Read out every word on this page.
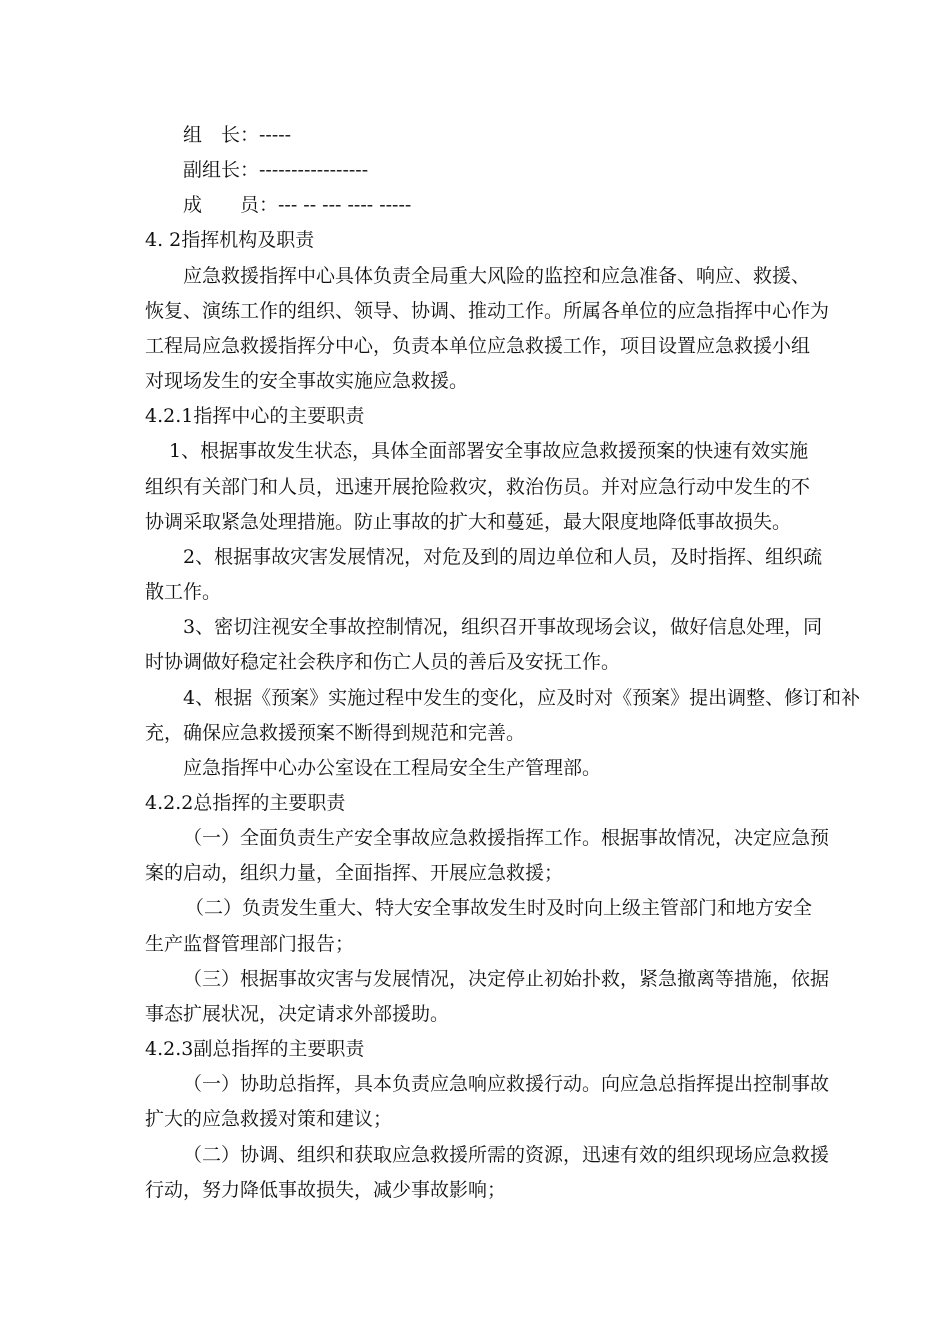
组　长：-----
副组长：-----------------
成　　员：--- -- --- ---- -----
4. 2指挥机构及职责
应急救援指挥中心具体负责全局重大风险的监控和应急准备、响应、救援、
恢复、演练工作的组织、领导、协调、推动工作。所属各单位的应急指挥中心作为
工程局应急救援指挥分中心，负责本单位应急救援工作，项目设置应急救援小组
对现场发生的安全事故实施应急救援。
4.2.1指挥中心的主要职责
1、根据事故发生状态，具体全面部署安全事故应急救援预案的快速有效实施
组织有关部门和人员，迅速开展抢险救灾，救治伤员。并对应急行动中发生的不
协调采取紧急处理措施。防止事故的扩大和蔓延，最大限度地降低事故损失。
2、根据事故灾害发展情况，对危及到的周边单位和人员，及时指挥、组织疏
散工作。
3、密切注视安全事故控制情况，组织召开事故现场会议，做好信息处理，同
时协调做好稳定社会秩序和伤亡人员的善后及安抚工作。
4、根据《预案》实施过程中发生的变化，应及时对《预案》提出调整、修订和补
充，确保应急救援预案不断得到规范和完善。
应急指挥中心办公室设在工程局安全生产管理部。
4.2.2总指挥的主要职责
（一）全面负责生产安全事故应急救援指挥工作。根据事故情况，决定应急预
案的启动，组织力量，全面指挥、开展应急救援；
（二）负责发生重大、特大安全事故发生时及时向上级主管部门和地方安全
生产监督管理部门报告；
（三）根据事故灾害与发展情况，决定停止初始扑救，紧急撤离等措施，依据
事态扩展状况，决定请求外部援助。
4.2.3副总指挥的主要职责
（一）协助总指挥，具本负责应急响应救援行动。向应急总指挥提出控制事故
扩大的应急救援对策和建议；
（二）协调、组织和获取应急救援所需的资源，迅速有效的组织现场应急救援
行动，努力降低事故损失，减少事故影响；
